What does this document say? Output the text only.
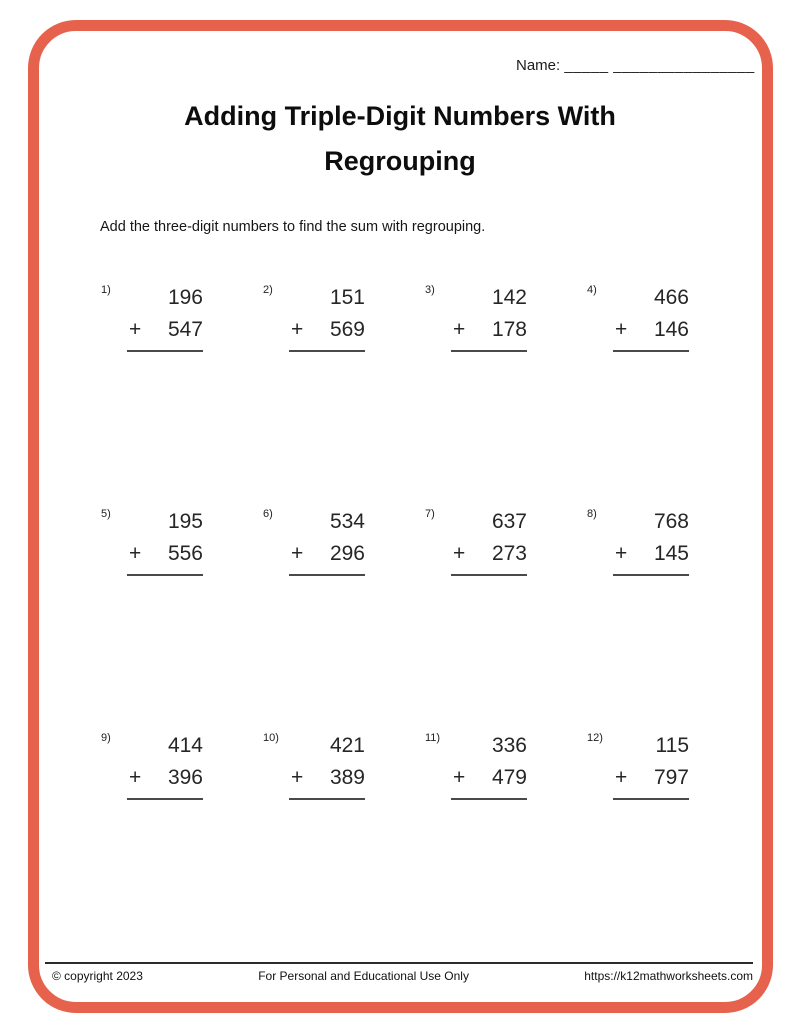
Name: _____ ________________
Adding Triple-Digit Numbers With
Regrouping
Add the three-digit numbers to find the sum with regrouping.
1)	196
+ 547
2)	151
+ 569
3)	142
+ 178
4)	466
+ 146
5)	195
+ 556
6)	534
+ 296
7)	637
+ 273
8)	768
+ 145
9)	414
+ 396
10)	421
+ 389
11)	336
+ 479
12)	115
+ 797
© copyright 2023	For Personal and Educational Use Only	https://k12mathworksheets.com
